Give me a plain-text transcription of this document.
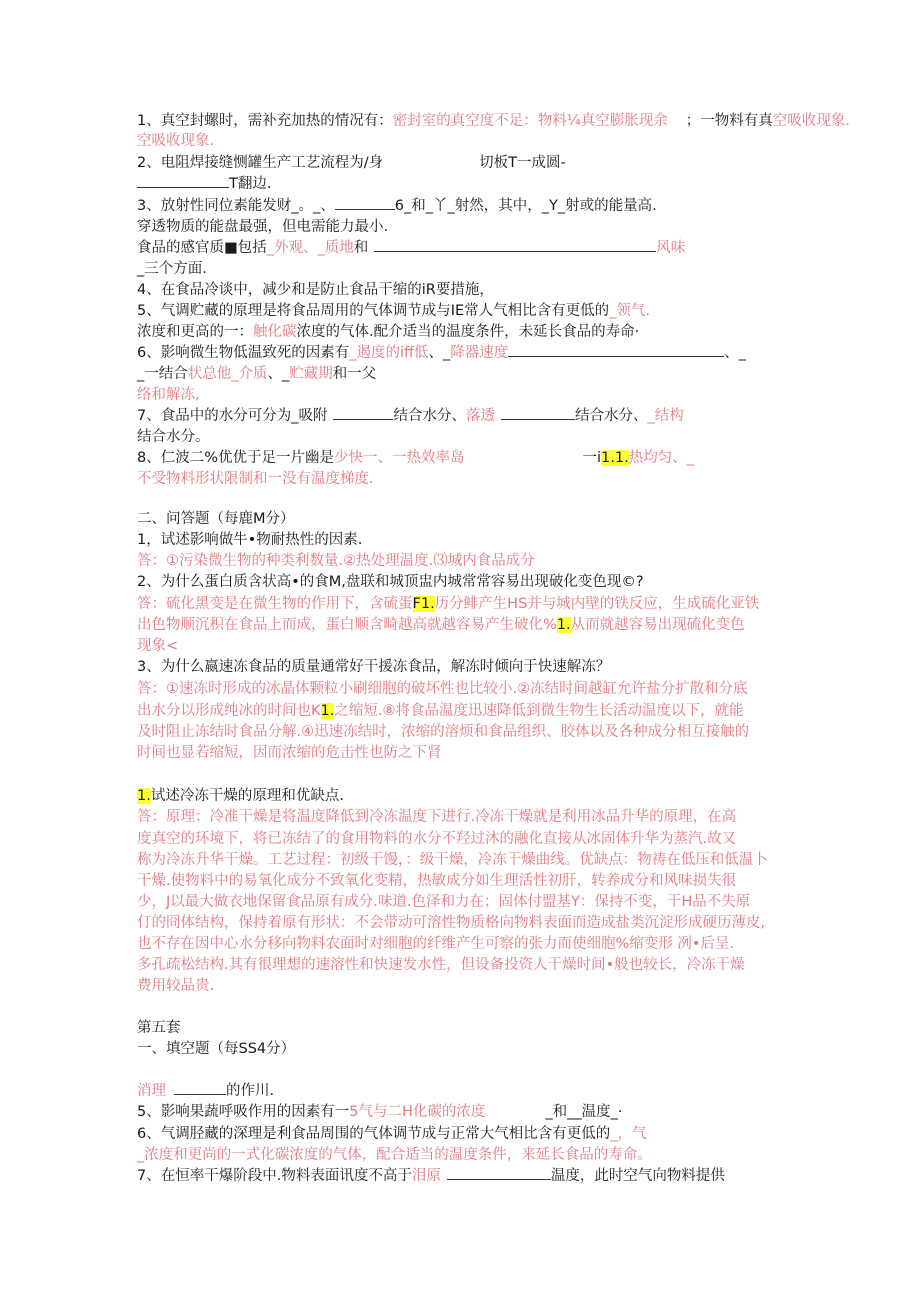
1、真空封螺时，需补充加热的情况有：密封室的真空度不足：物料¼真空膨胀现余 ；一物料有真空吸收现象.
空吸收现象.
2、电阻焊接缝恻罐生产工艺流程为/身	切板T一成圆-
T翻边.
3、放射性同位素能发财_。_、	6_和_丫_射然，其中，_Y_射或的能量高.
穿透物质的能盘最强，但电需能力最小.
食品的感官质■包括_外观、_质地和	风味
_三个方面.
4、在食品冷谈中，减少和是防止食品干缩的iR要措施，
5、气调贮藏的原理是将食品周用的气体调节成与IE常人气相比含有更低的_领气.
浓度和更高的一：触化碳浓度的气体.配介适当的温度条件，未延长食品的寿命·
6、影响微生物低温致死的因素有_遏度的iff低、_降器速度	、_
_一结合状总他_介质、_贮藏期和一父
络和解冻,
7、食品中的水分可分为_吸附	结合水分、落透	结合水分、_结构
结合水分。
8、仁波二%优优于足一片幽是少快一、一热效率岛	一i1.1.热均匀、_
不受物料形状限制和一没有温度梯度.
二、问答题（每鹿M分）
1，试述影响做牛•物耐热性的因素.
答：①污染微生物的种类利数量.②热处理温度.⑶城内食品成分
2、为什么蛋白质含状高•的食M,盘联和城顶盅内城常常容易出现破化变色现©?
答：硫化黑变是在微生物的作用下，含硫蛋F1.历分鲱产生HS并与城内壁的铁反应，生成硫化亚铁
出色物顺沉积在食品上而成，蛋白顺含畸越高就越容易产生破化%1.从而就越容易出现硫化变色
现象<
3、为什么嬴速冻食品的质量通常好干援冻食品，解冻时倾向于快速解冻？
答：①速冻时形成的冰晶体颗粒小刷细胞的破坏性也比较小.②冻结时间越缸允许盐分扩散和分底
出水分以形成纯冰的时间也K1.之缩短.⑧将食品温度迅速降低到微生物生长活动温度以下，就能
及时阻止冻结时食品分解.④迅速冻结时，浓缩的溶烦和食品组织、胶体以及各种成分相互接触的
时间也显若缩短，因而浓缩的危击性也防之下肾
1.试述冷冻干燥的原理和优缺点.
答：原理：冷准干燥是将温度降低到冷冻温度下进行.冷冻干燥就是利用冰品升华的原理，在高
度真空的环境下，将已冻结了的食用物料的水分不羟过沐的融化直接从冰固体升华为蒸汽.故又
称为冷冻升华干燥。工艺过程：初级干馒，：级干燥，冷冻干燥曲线。优缺点：物祷在低压和低温卜
干燥.使物料中的易氧化成分不致氧化变精，热敏成分如生理活性初肝，转养成分和风味损失很
少，J以最大做衣地保留食品原有成分.味道.色泽和力在；固体付盟基Y：保持不变，干H品不失原
仃的冏体结构，保持着原有形状：不会带动可溶性物质格向物料表面而造成盐类沉淀形成硬历薄皮,
也不存在因中心水分移向物料农面时对细胞的纤维产生可察的张力而使细胞%缩变形 冽•后呈.
多孔疏松结构.其有很理想的速溶性和快速发水性，但设备投资人干燥时间•般也较长，冷冻干燥
费用较品贵.
第五套
一、填空题（每SS4分）
消理	的作川.
5、影响果蔬呼吸作用的因素有一5气与二H化碳的浓度	_和__温度_·
6、气调胫藏的深理是利食品周围的气体调节成与正常大气相比含有更低的_，气
_浓度和更尚的一式化碳浓度的气体，配合适当的温度条件，来延长食品的寿命。
7、在恒率干爆阶段中.物料表面讯度不高于泪原	温度，此时空气向物料提供
